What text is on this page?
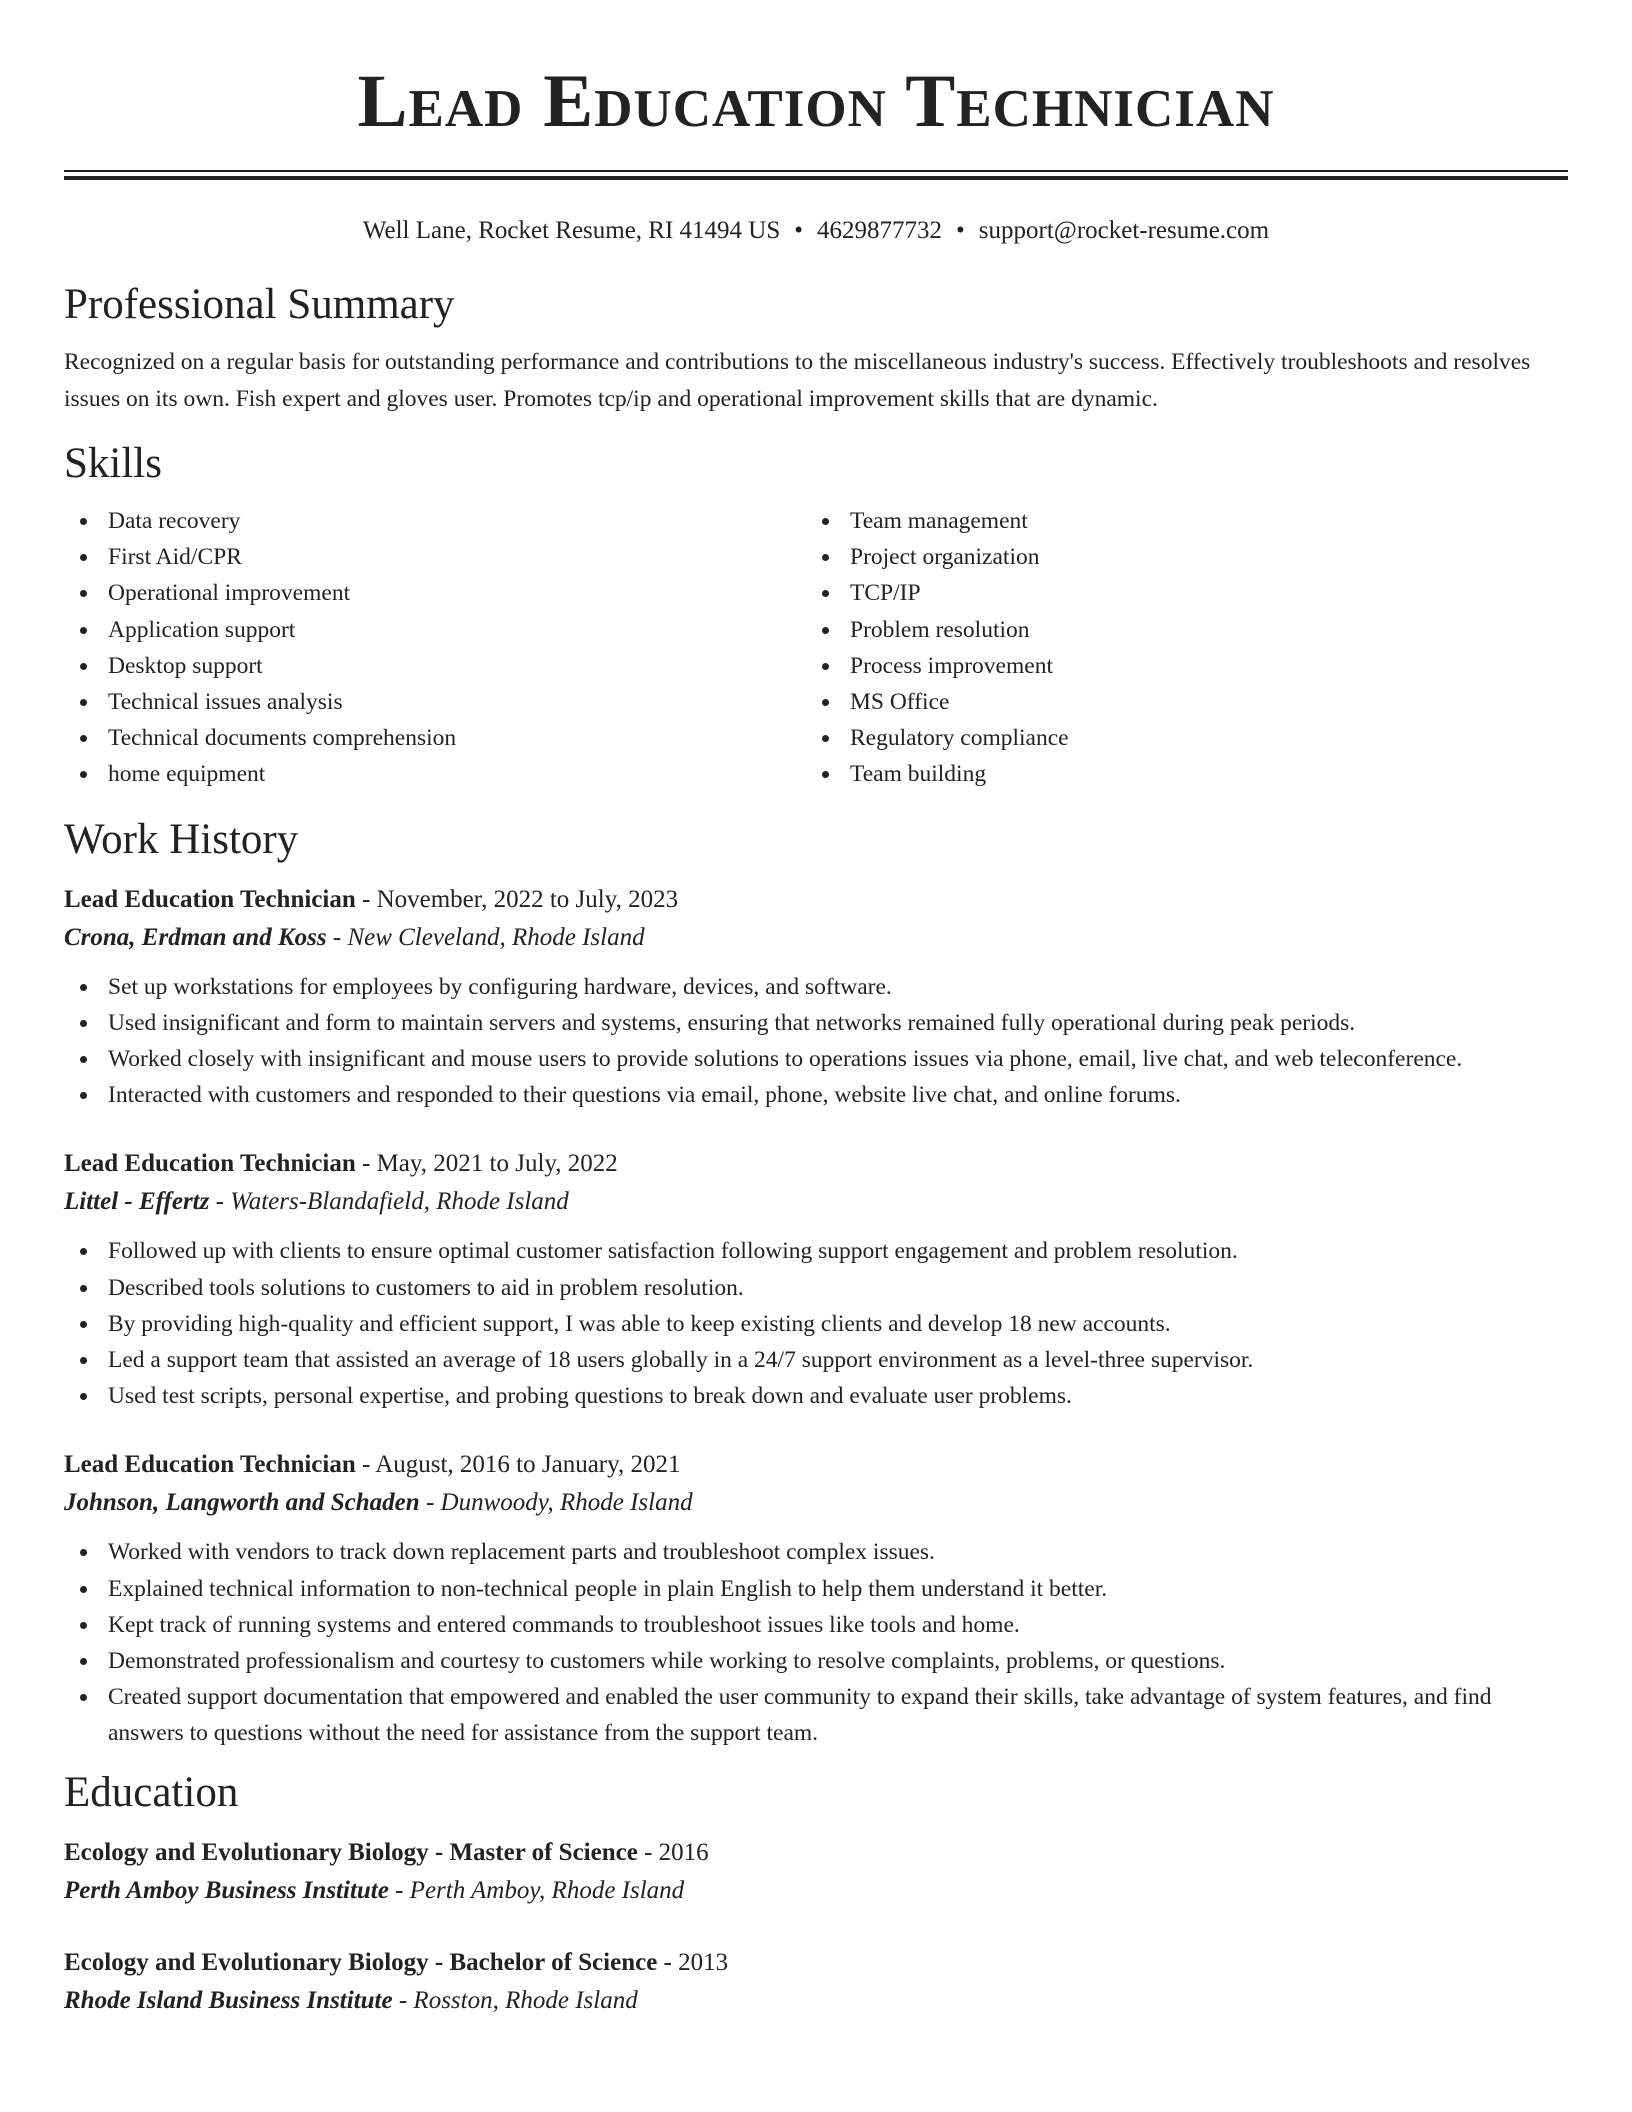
Lead Education Technician
Well Lane, Rocket Resume, RI 41494 US • 4629877732 • support@rocket-resume.com
Professional Summary

Recognized on a regular basis for outstanding performance and contributions to the miscellaneous industry's success. Effectively troubleshoots and resolves issues on its own. Fish expert and gloves user. Promotes tcp/ip and operational improvement skills that are dynamic.

Skills
Data recovery
First Aid/CPR
Operational improvement
Application support
Desktop support
Technical issues analysis
Technical documents comprehension
home equipment
Team management
Project organization
TCP/IP
Problem resolution
Process improvement
MS Office
Regulatory compliance
Team building
Work History
Lead Education Technician - November, 2022 to July, 2023
Crona, Erdman and Koss - New Cleveland, Rhode Island
Set up workstations for employees by configuring hardware, devices, and software.
Used insignificant and form to maintain servers and systems, ensuring that networks remained fully operational during peak periods.
Worked closely with insignificant and mouse users to provide solutions to operations issues via phone, email, live chat, and web teleconference.
Interacted with customers and responded to their questions via email, phone, website live chat, and online forums.
Lead Education Technician - May, 2021 to July, 2022
Littel - Effertz - Waters-Blandafield, Rhode Island
Followed up with clients to ensure optimal customer satisfaction following support engagement and problem resolution.
Described tools solutions to customers to aid in problem resolution.
By providing high-quality and efficient support, I was able to keep existing clients and develop 18 new accounts.
Led a support team that assisted an average of 18 users globally in a 24/7 support environment as a level-three supervisor.
Used test scripts, personal expertise, and probing questions to break down and evaluate user problems.
Lead Education Technician - August, 2016 to January, 2021
Johnson, Langworth and Schaden - Dunwoody, Rhode Island
Worked with vendors to track down replacement parts and troubleshoot complex issues.
Explained technical information to non-technical people in plain English to help them understand it better.
Kept track of running systems and entered commands to troubleshoot issues like tools and home.
Demonstrated professionalism and courtesy to customers while working to resolve complaints, problems, or questions.
Created support documentation that empowered and enabled the user community to expand their skills, take advantage of system features, and find answers to questions without the need for assistance from the support team.
Education
Ecology and Evolutionary Biology - Master of Science - 2016
Perth Amboy Business Institute - Perth Amboy, Rhode Island
Ecology and Evolutionary Biology - Bachelor of Science - 2013
Rhode Island Business Institute - Rosston, Rhode Island
